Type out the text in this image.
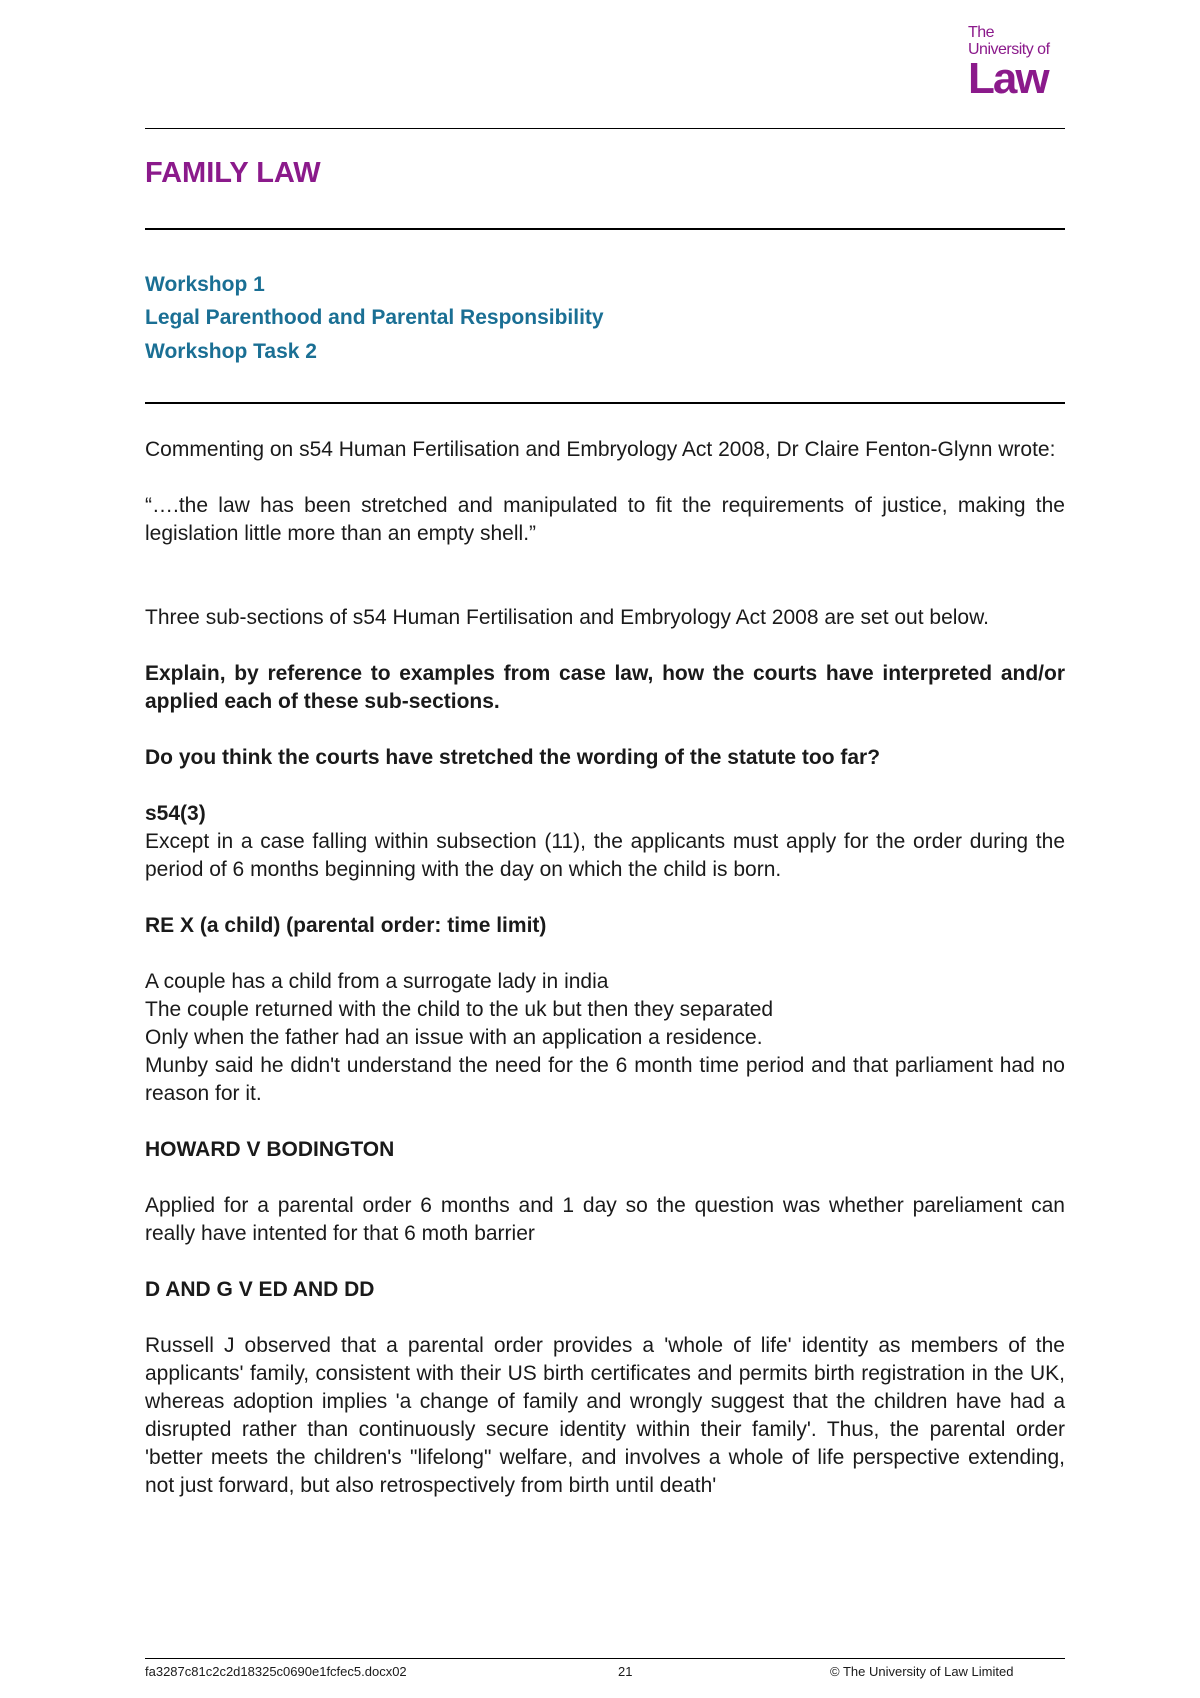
The
University of
Law
FAMILY LAW
Workshop 1
Legal Parenthood and Parental Responsibility
Workshop Task 2

Commenting on s54 Human Fertilisation and Embryology Act 2008, Dr Claire Fenton-Glynn wrote:

“….the law has been stretched and manipulated to fit the requirements of justice, making the legislation little more than an empty shell.”

Three sub-sections of s54 Human Fertilisation and Embryology Act 2008 are set out below.

Explain, by reference to examples from case law, how the courts have interpreted and/or applied each of these sub-sections.

Do you think the courts have stretched the wording of the statute too far?

s54(3)

Except in a case falling within subsection (11), the applicants must apply for the order during the period of 6 months beginning with the day on which the child is born.

RE X (a child) (parental order: time limit)

A couple has a child from a surrogate lady in india

The couple returned with the child to the uk but then they separated

Only when the father had an issue with an application a residence.

Munby said he didn't understand the need for the 6 month time period and that parliament had no reason for it.

HOWARD V BODINGTON

Applied for a parental order 6 months and 1 day so the question was whether pareliament can really have intented for that 6 moth barrier

D AND G V ED AND DD

Russell J observed that a parental order provides a 'whole of life' identity as members of the applicants' family, consistent with their US birth certificates and permits birth registration in the UK, whereas adoption implies 'a change of family and wrongly suggest that the children have had a disrupted rather than continuously secure identity within their family'. Thus, the parental order 'better meets the children's "lifelong" welfare, and involves a whole of life perspective extending, not just forward, but also retrospectively from birth until death'

fa3287c81c2c2d18325c0690e1fcfec5.docx02	21	© The University of Law Limited
